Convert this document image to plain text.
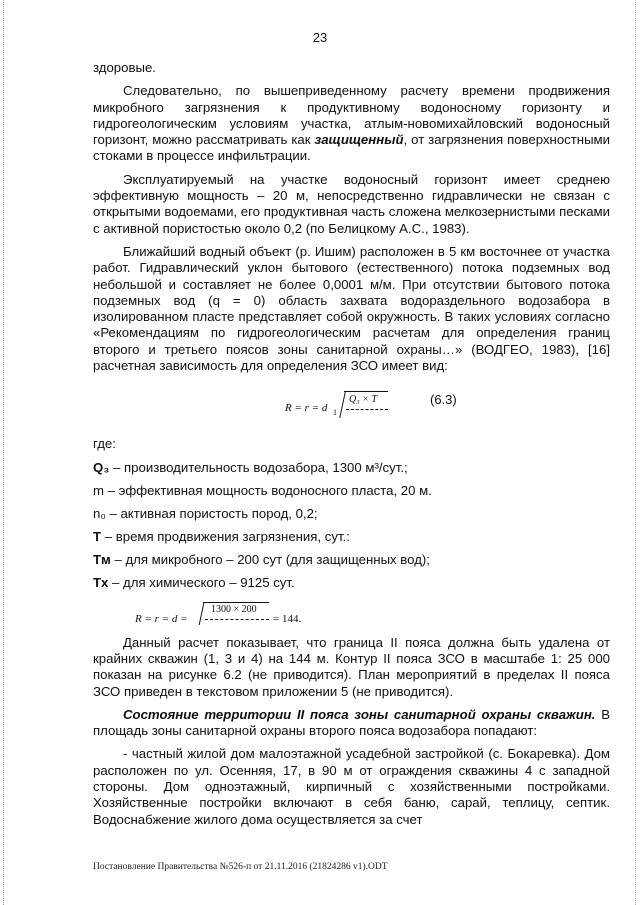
23

здоровые.

Следовательно, по вышеприведенному расчету времени продвижения микробного загрязнения к продуктивному водоносному горизонту и гидрогеологическим условиям участка, атлым-новомихайловский водоносный горизонт, можно рассматривать как защищенный, от загрязнения поверхностными стоками в процессе инфильтрации.

Эксплуатируемый на участке водоносный горизонт имеет среднею эффективную мощность – 20 м, непосредственно гидравлически не связан с открытыми водоемами, его продуктивная часть сложена мелкозернистыми песками с активной пористостью около 0,2 (по Белицкому А.С., 1983).

Ближайший водный объект (р. Ишим) расположен в 5 км восточнее от участка работ. Гидравлический уклон бытового (естественного) потока подземных вод небольшой и составляет не более 0,0001 м/м. При отсутствии бытового потока подземных вод (q = 0) область захвата водораздельного водозабора в изолированном пласте представляет собой окружность. В таких условиях согласно «Рекомендациям по гидрогеологическим расчетам для определения границ второго и третьего поясов зоны санитарной охраны…» (ВОДГЕО, 1983), [16] расчетная зависимость для определения ЗСО имеет вид:

R = r = d 1
Q₃ × T	(6.3)

где:

Q₃ – производительность водозабора, 1300 м³/сут.;

m – эффективная мощность водоносного пласта, 20 м.

n₀ – активная пористость пород, 0,2;

T – время продвижения загрязнения, сут.:

Tм – для микробного – 200 сут (для защищенных вод);

Tх – для химического – 9125 сут.

R = r = d =
1300 × 200
= 144.

Данный расчет показывает, что граница II пояса должна быть удалена от крайних скважин (1, 3 и 4) на 144 м. Контур II пояса ЗСО в масштабе 1: 25 000 показан на рисунке 6.2 (не приводится). План мероприятий в пределах II пояса ЗСО приведен в текстовом приложении 5 (не приводится).

Состояние территории II пояса зоны санитарной охраны скважин. В площадь зоны санитарной охраны второго пояса водозабора попадают:

- частный жилой дом малоэтажной усадебной застройкой (с. Бокаревка). Дом расположен по ул. Осенняя, 17, в 90 м от ограждения скважины 4 с западной стороны. Дом одноэтажный, кирпичный с хозяйственными постройками. Хозяйственные постройки включают в себя баню, сарай, теплицу, септик. Водоснабжение жилого дома осуществляется за счет

Постановление Правительства №526-п от 21.11.2016 (21824286 v1).ODT
